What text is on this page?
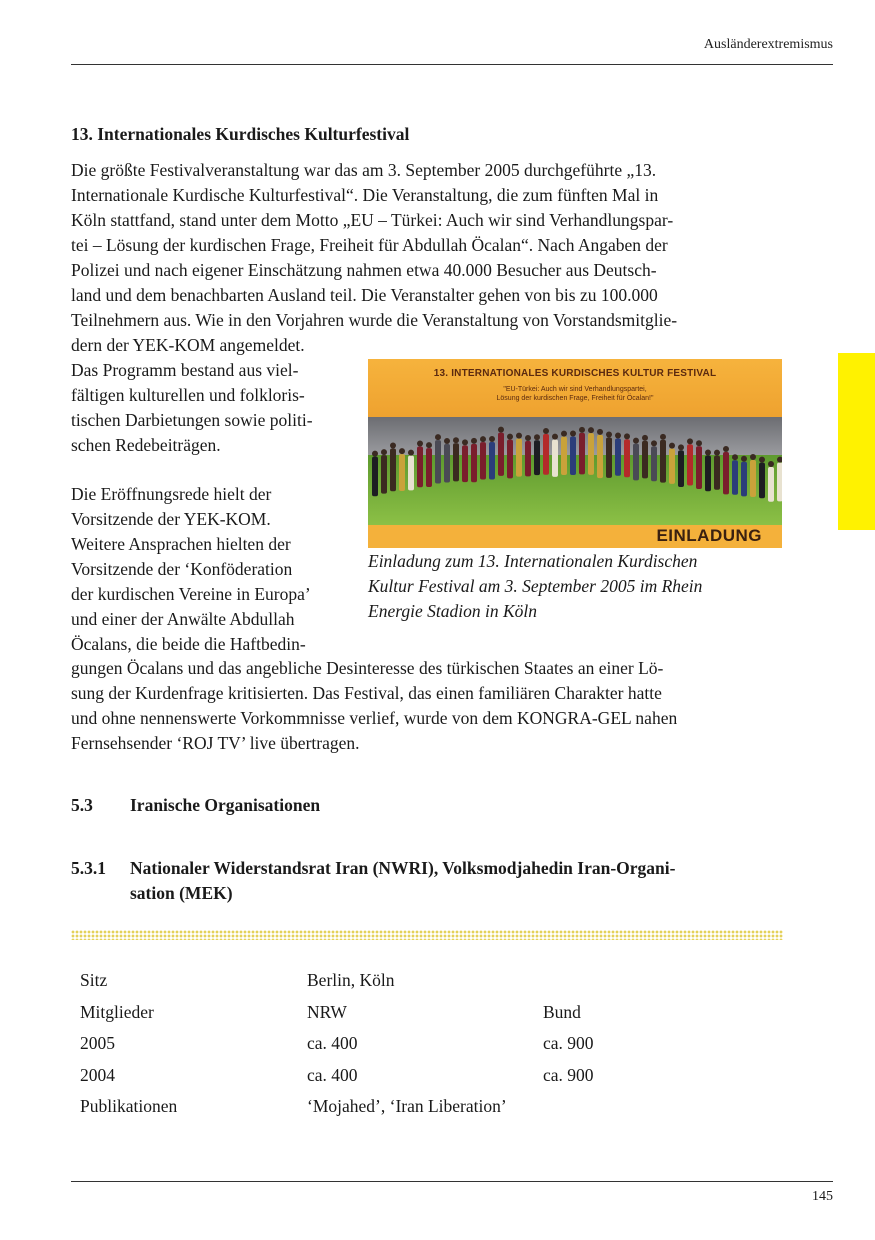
Ausländerextremismus
13. Internationales Kurdisches Kulturfestival

Die größte Festivalveranstaltung war das am 3. September 2005 durchgeführte „13.
Internationale Kurdische Kulturfestival“. Die Veranstaltung, die zum fünften Mal in
Köln stattfand, stand unter dem Motto „EU – Türkei: Auch wir sind Verhandlungspar-
tei – Lösung der kurdischen Frage, Freiheit für Abdullah Öcalan“. Nach Angaben der
Polizei und nach eigener Einschätzung nahmen etwa 40.000 Besucher aus Deutsch-
land und dem benachbarten Ausland teil. Die Veranstalter gehen von bis zu 100.000
Teilnehmern aus. Wie in den Vorjahren wurde die Veranstaltung von Vorstandsmitglie-

dern der YEK-KOM angemeldet.
Das Programm bestand aus viel-
fältigen kulturellen und folkloris-
tischen Darbietungen sowie politi-
schen Redebeiträgen.

Die Eröffnungsrede hielt der
Vorsitzende der YEK-KOM.
Weitere Ansprachen hielten der
Vorsitzende der ‘Konföderation
der kurdischen Vereine in Europa’
und einer der Anwälte Abdullah
Öcalans, die beide die Haftbedin-

13. INTERNATIONALES KURDISCHES KULTUR FESTIVAL
"EU-Türkei: Auch wir sind Verhandlungspartei,
Lösung der kurdischen Frage, Freiheit für Öcalan!"
EINLADUNG

Einladung zum 13. Internationalen Kurdischen
Kultur Festival am 3. September 2005 im Rhein
Energie Stadion in Köln

gungen Öcalans und das angebliche Desinteresse des türkischen Staates an einer Lö-
sung der Kurdenfrage kritisierten. Das Festival, das einen familiären Charakter hatte
und ohne nennenswerte Vorkommnisse verlief, wurde von dem KONGRA-GEL nahen
Fernsehsender ‘ROJ TV’ live übertragen.

5.3 Iranische Organisationen
5.3.1 Nationaler Widerstandsrat Iran (NWRI), Volksmodjahedin Iran-Organi-
sation (MEK)
Sitz	Berlin, Köln	
Mitglieder	NRW	Bund
2005	ca. 400	ca. 900
2004	ca. 400	ca. 900
Publikationen	‘Mojahed’, ‘Iran Liberation’	
145
